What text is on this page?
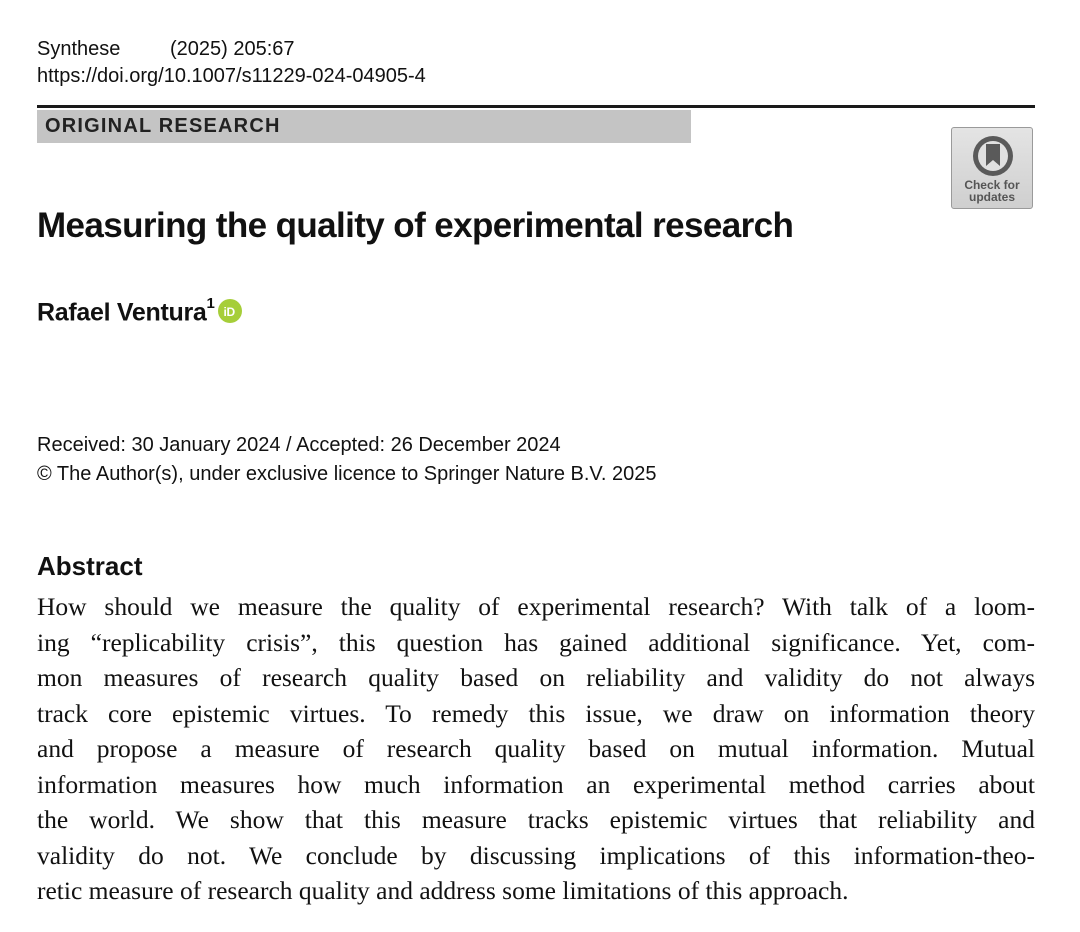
Synthese (2025) 205:67
https://doi.org/10.1007/s11229-024-04905-4
ORIGINAL RESEARCH
Check for
updates
Measuring the quality of experimental research
Rafael Ventura$^1$ iD
Received: 30 January 2024 / Accepted: 26 December 2024
© The Author(s), under exclusive licence to Springer Nature B.V. 2025
Abstract

How should we measure the quality of experimental research? With talk of a loom-
ing “replicability crisis”, this question has gained additional significance. Yet, com-
mon measures of research quality based on reliability and validity do not always
track core epistemic virtues. To remedy this issue, we draw on information theory
and propose a measure of research quality based on mutual information. Mutual
information measures how much information an experimental method carries about
the world. We show that this measure tracks epistemic virtues that reliability and
validity do not. We conclude by discussing implications of this information-theo-
retic measure of research quality and address some limitations of this approach.
